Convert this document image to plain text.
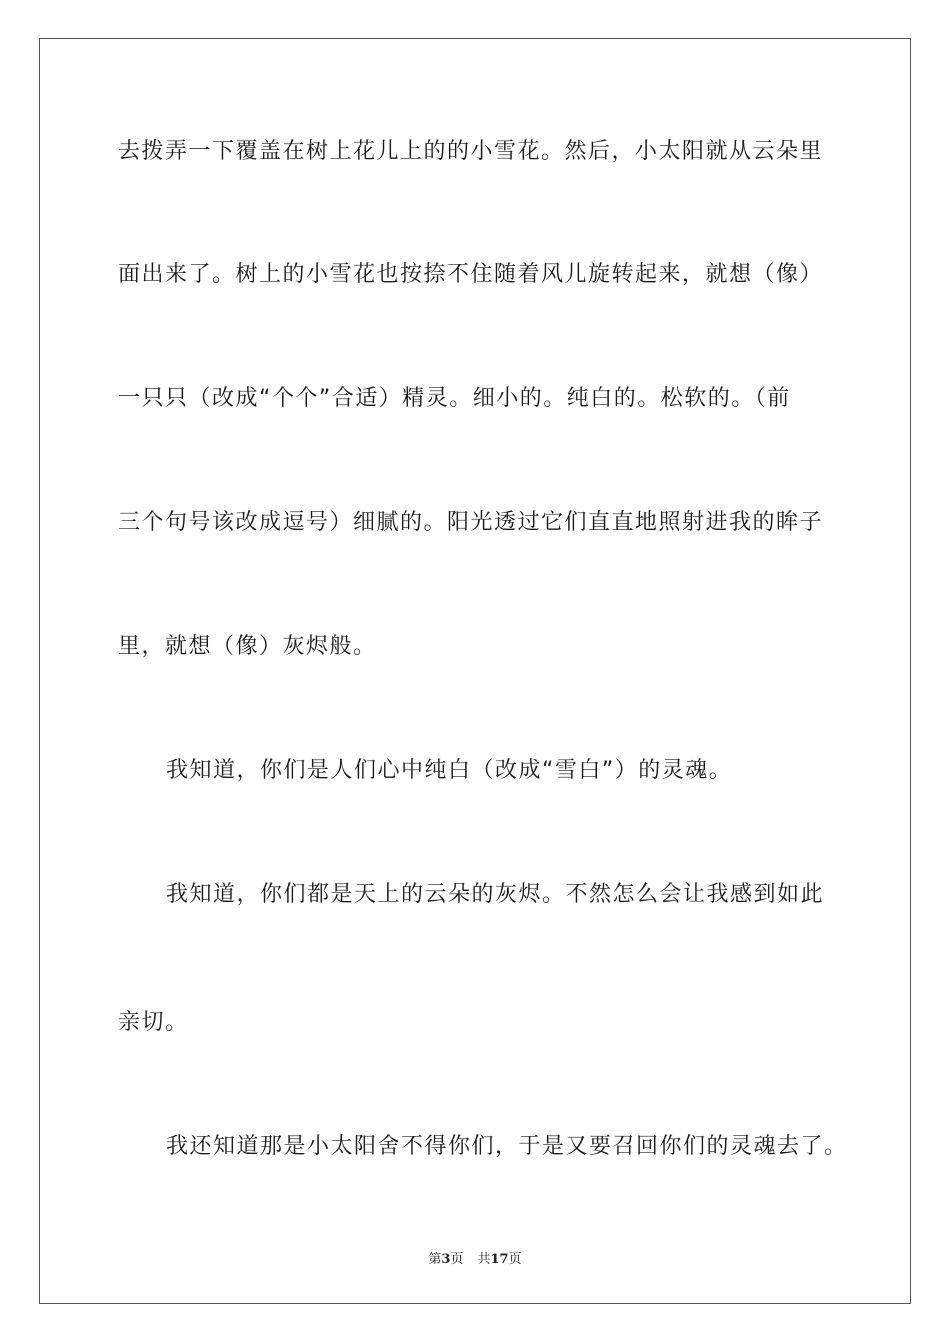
去拨弄一下覆盖在树上花儿上的的小雪花。然后，小太阳就从云朵里
面出来了。树上的小雪花也按捺不住随着风儿旋转起来，就想（像）
一只只（改成“个个”合适）精灵。细小的。纯白的。松软的。（前
三个句号该改成逗号）细腻的。阳光透过它们直直地照射进我的眸子
里，就想（像）灰烬般。
我知道，你们是人们心中纯白（改成“雪白”）的灵魂。
我知道，你们都是天上的云朵的灰烬。不然怎么会让我感到如此
亲切。
我还知道那是小太阳舍不得你们，于是又要召回你们的灵魂去了。
第3页 共17页
